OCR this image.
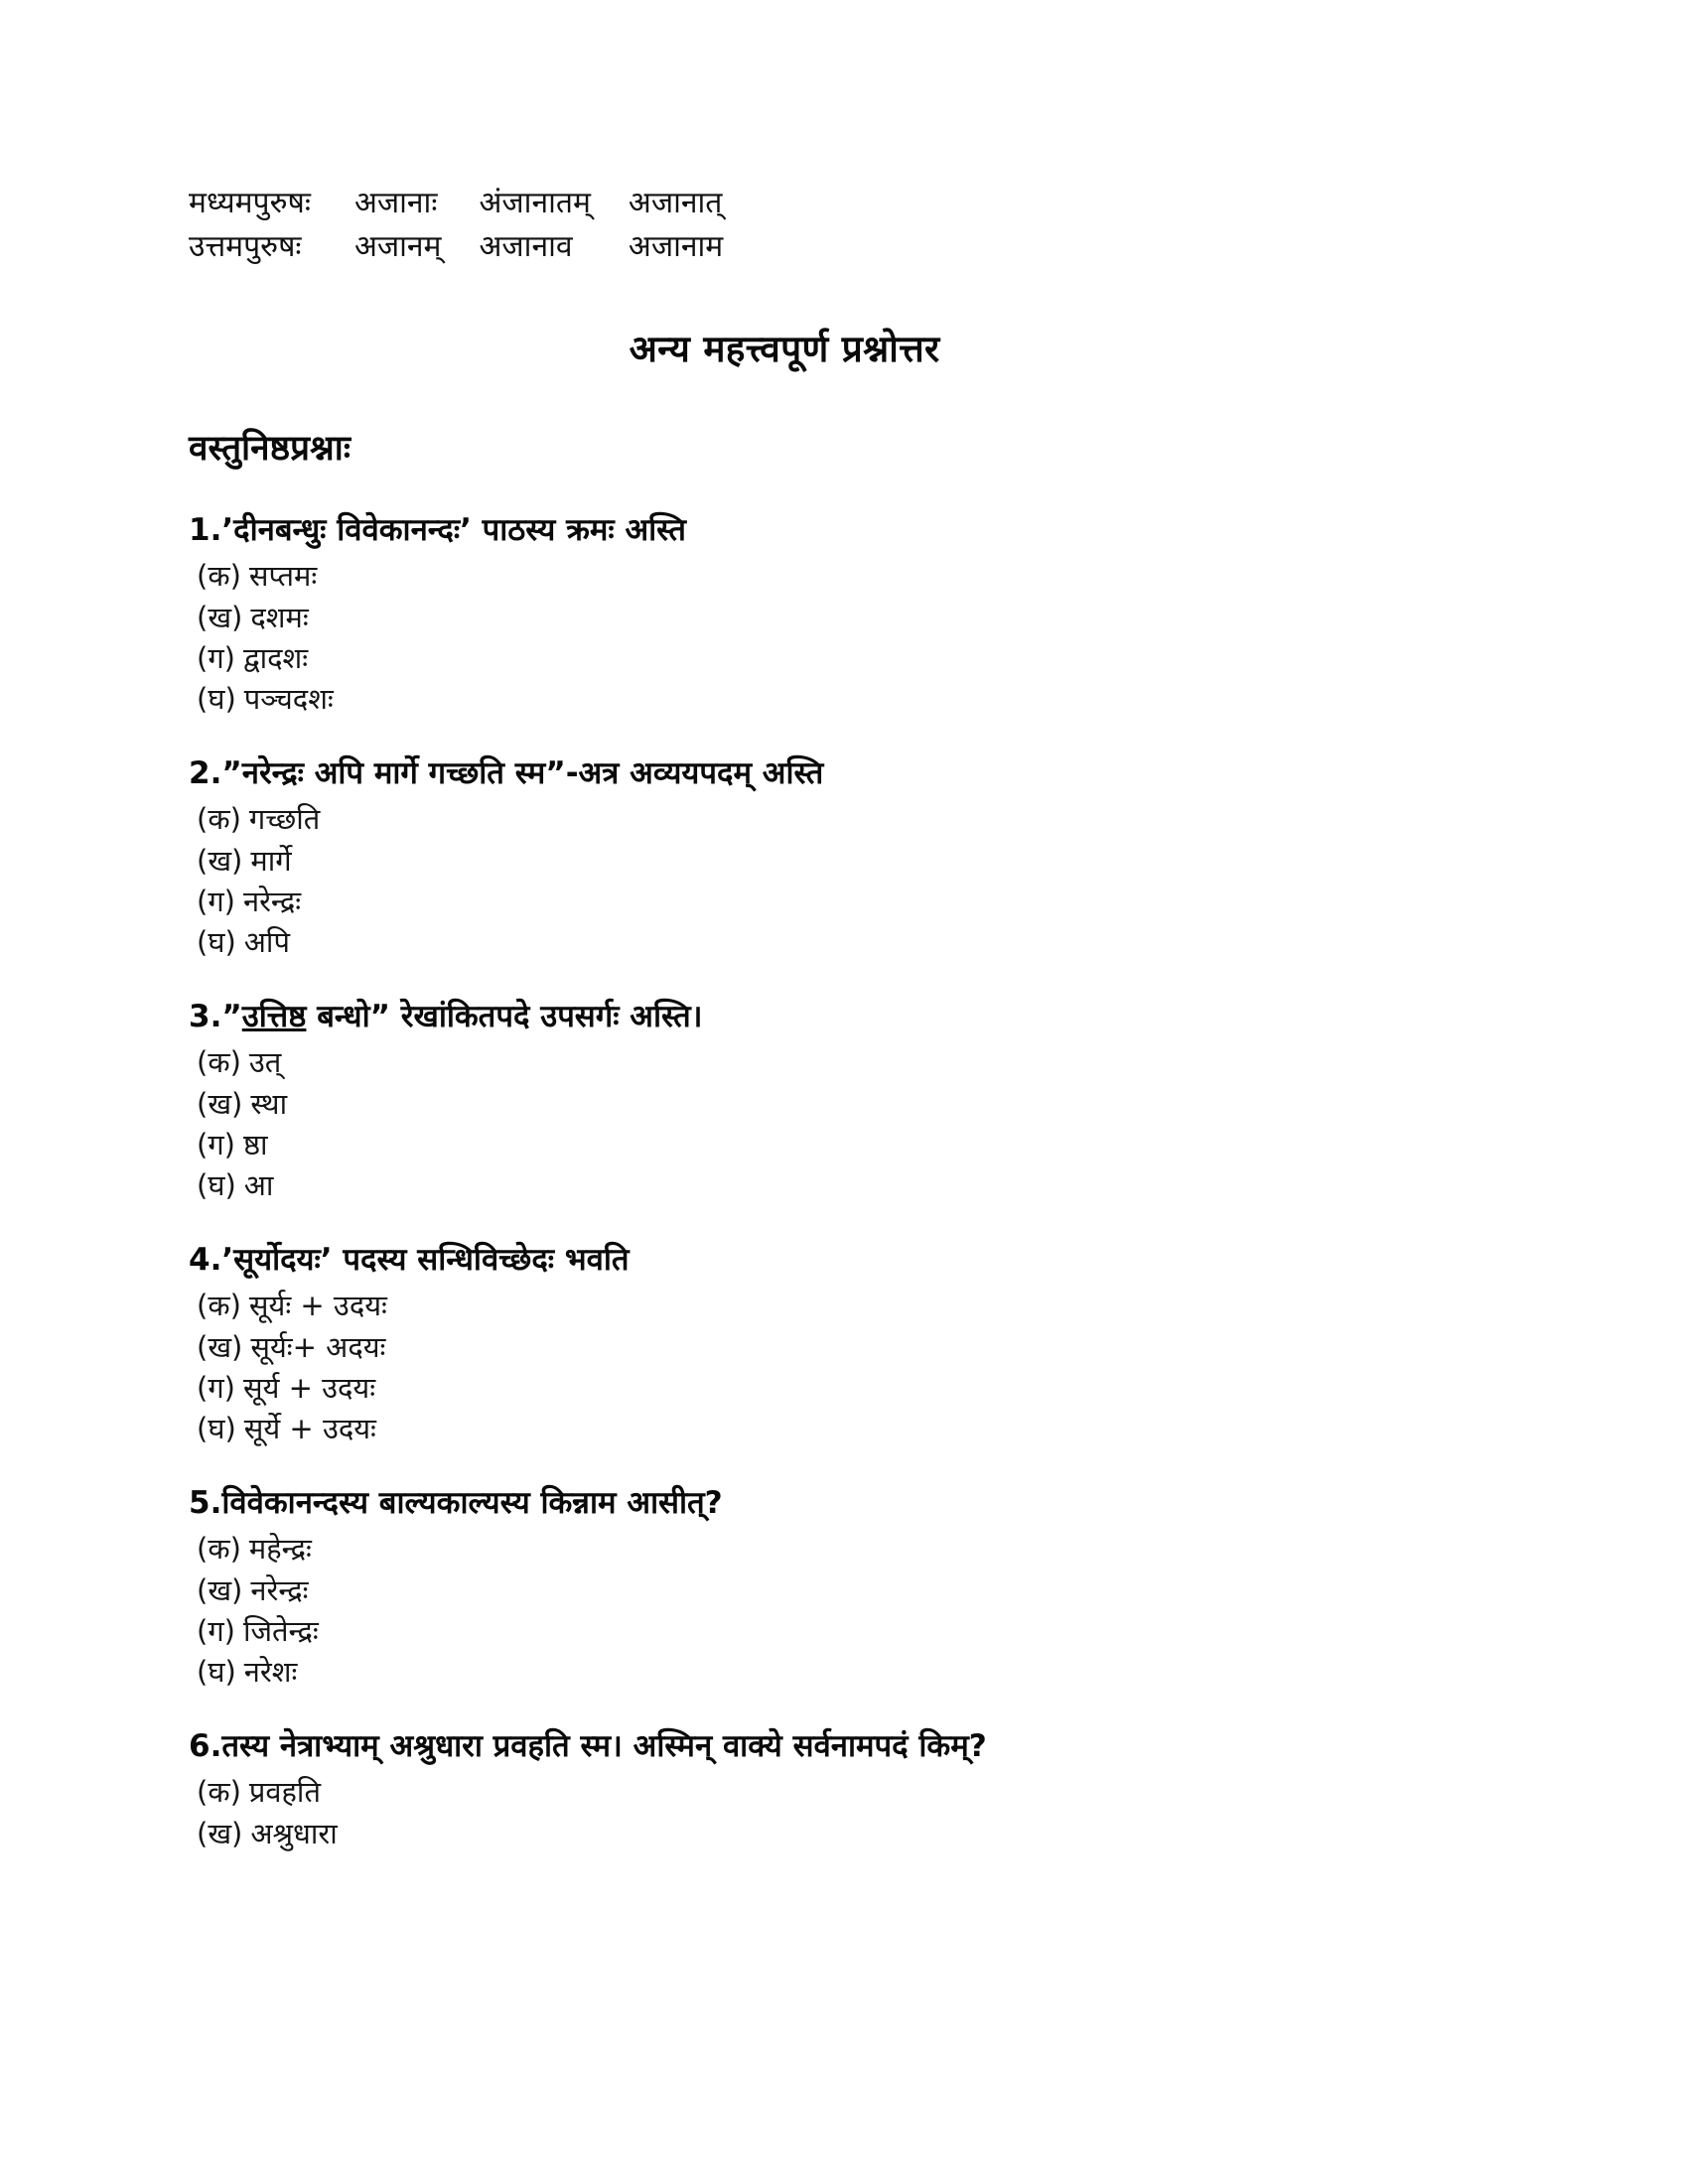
मध्यमपुरुषः	अजानाः	अंजानातम्	अजानात्
उत्तमपुरुषः	अजानम्	अजानाव	अजानाम
अन्य महत्त्वपूर्ण प्रश्नोत्तर
वस्तुनिष्ठप्रश्नाः

1.’दीनबन्धुः विवेकानन्दः’ पाठस्य क्रमः अस्ति

(क) सप्तमः
(ख) दशमः
(ग) द्वादशः
(घ) पञ्चदशः

2.”नरेन्द्रः अपि मार्गे गच्छति स्म”-अत्र अव्ययपदम् अस्ति

(क) गच्छति
(ख) मार्गे
(ग) नरेन्द्रः
(घ) अपि

3.”उत्तिष्ठ बन्धो” रेखांकितपदे उपसर्गः अस्ति।

(क) उत्
(ख) स्था
(ग) ष्ठा
(घ) आ

4.’सूर्योदयः’ पदस्य सन्धिविच्छेदः भवति

(क) सूर्यः + उदयः
(ख) सूर्यः+ अदयः
(ग) सूर्य + उदयः
(घ) सूर्ये + उदयः

5.विवेकानन्दस्य बाल्यकाल्यस्य किन्नाम आसीत्?

(क) महेन्द्रः
(ख) नरेन्द्रः
(ग) जितेन्द्रः
(घ) नरेशः

6.तस्य नेत्राभ्याम् अश्रुधारा प्रवहति स्म। अस्मिन् वाक्ये सर्वनामपदं किम्?

(क) प्रवहति
(ख) अश्रुधारा
